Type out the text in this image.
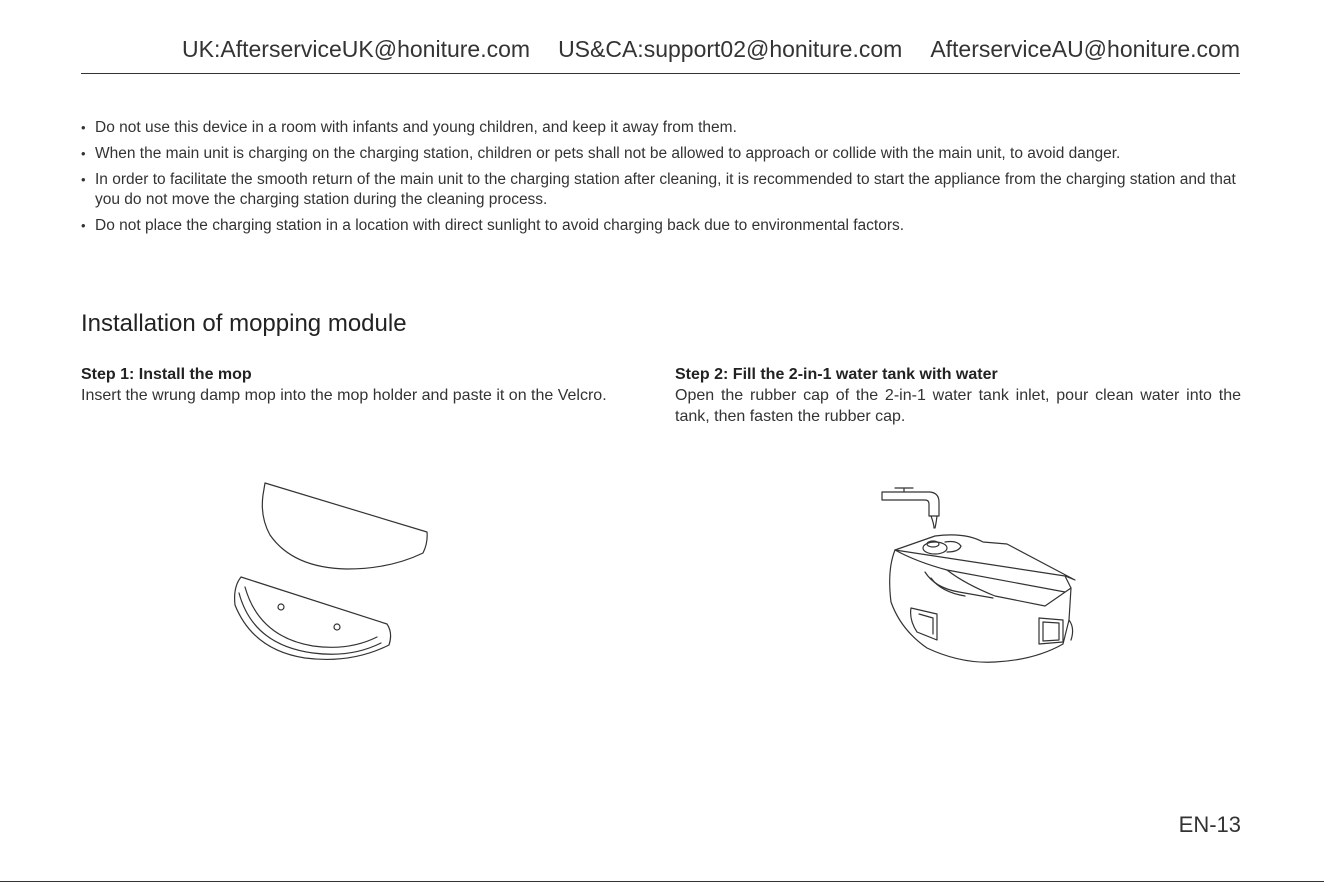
UK:AfterserviceUK@honiture.com US&CA:support02@honiture.com AfterserviceAU@honiture.com
• Do not use this device in a room with infants and young children, and keep it away from them.
• When the main unit is charging on the charging station, children or pets shall not be allowed to approach or collide with the main unit, to avoid danger.
• In order to facilitate the smooth return of the main unit to the charging station after cleaning, it is recommended to start the appliance from the charging station and that you do not move the charging station during the cleaning process.
• Do not place the charging station in a location with direct sunlight to avoid charging back due to environmental factors.
Installation of mopping module
Step 1: Install the mop
Insert the wrung damp mop into the mop holder and paste it on the Velcro.
Step 2: Fill the 2-in-1 water tank with water
Open the rubber cap of the 2-in-1 water tank inlet, pour clean water into the tank, then fasten the rubber cap.
EN-13
